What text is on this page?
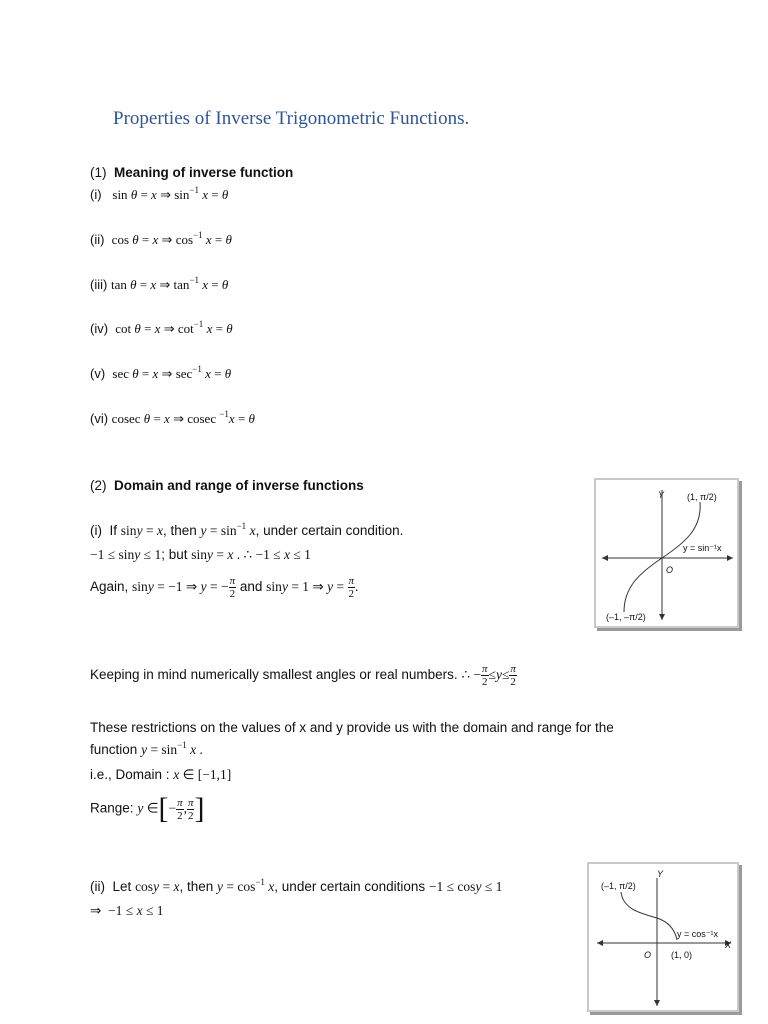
Properties of Inverse Trigonometric Functions.
(1) Meaning of inverse function
(i) sin θ = x ⇒ $\sin^{-1} x = \theta$
(ii) cos θ = x ⇒ $\cos^{-1} x = \theta$
(iii) tan θ = x ⇒ $\tan^{-1} x = \theta$
(iv) cot θ = x ⇒ $\cot^{-1} x = \theta$
(v) sec θ = x ⇒ $\sec^{-1} x = \theta$
(vi) cosec θ = x ⇒ cosec $^{-1}$x = θ
(2) Domain and range of inverse functions
(i) If siny = x, then $y = \sin^{-1} x$, under certain condition.
−1 ≤ siny ≤ 1; but siny = x . ∴ −1 ≤ x ≤ 1
Again, siny = −1 ⇒ y = − $\frac{\pi}{2}$ and siny = 1 ⇒ $y = \frac{\pi}{2}$ .
Keeping in mind numerically smallest angles or real numbers. ∴ − $\frac{\pi}{2} \le y\le \frac{\pi}{2}$
These restrictions on the values of x and y provide us with the domain and range for the
function $y = \sin^{-1} x$ .
i.e., Domain : x ∈ [−1,1]
Range: y ∈[− $\frac{\pi}{2}$ , $\frac{\pi}{2}$ ]
(ii) Let cosy = x, then $y = \cos^{-1} x$, under certain conditions −1 ≤ cosy ≤ 1
⇒  −1 ≤ x ≤ 1
Y
O
(1, π/2)
y = sin⁻¹x
(–1, –π/2)
Y
X
O
(–1, π/2)
(1, 0)
y = cos⁻¹x
